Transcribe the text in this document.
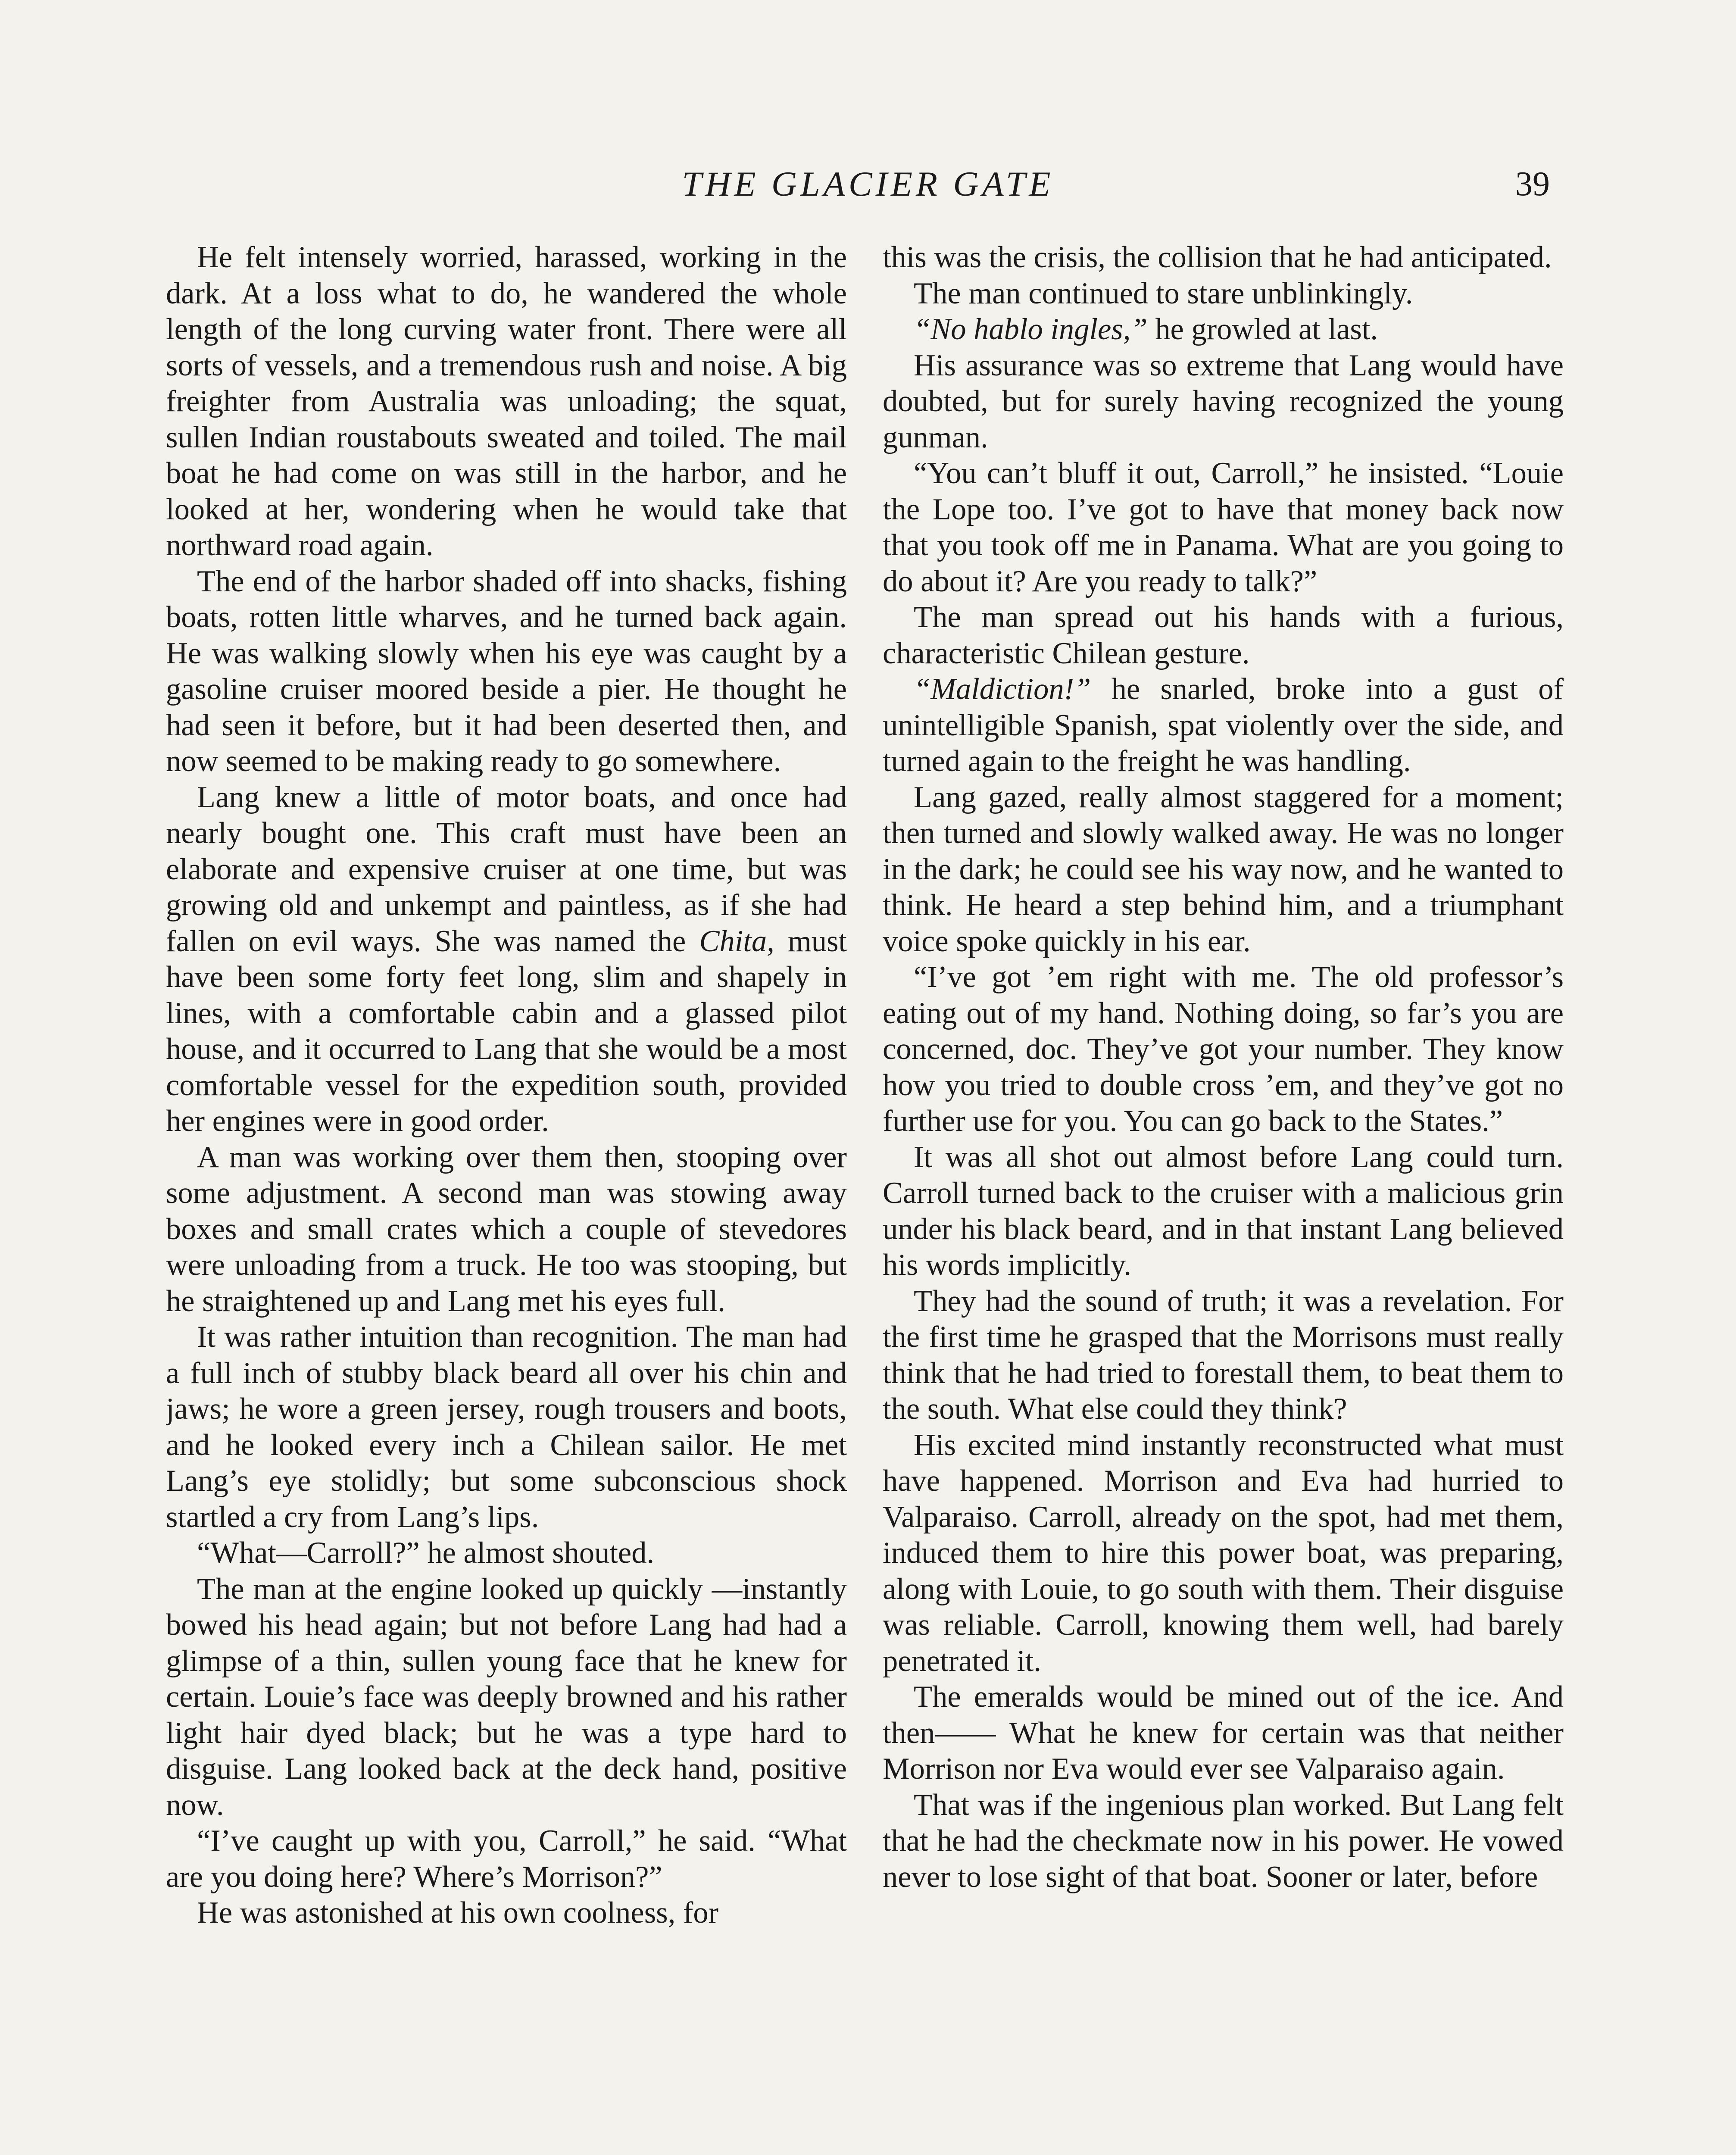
THE GLACIER GATE	39

He felt intensely worried, harassed, working in the dark. At a loss what to do, he wandered the whole length of the long curving water front. There were all sorts of vessels, and a tremendous rush and noise. A big freighter from Australia was unloading; the squat, sullen Indian roustabouts sweated and toiled. The mail boat he had come on was still in the harbor, and he looked at her, wondering when he would take that northward road again.

The end of the harbor shaded off into shacks, fishing boats, rotten little wharves, and he turned back again. He was walking slowly when his eye was caught by a gasoline cruiser moored beside a pier. He thought he had seen it before, but it had been deserted then, and now seemed to be making ready to go somewhere.

Lang knew a little of motor boats, and once had nearly bought one. This craft must have been an elaborate and expensive cruiser at one time, but was growing old and unkempt and paintless, as if she had fallen on evil ways. She was named the Chita, must have been some forty feet long, slim and shapely in lines, with a comfortable cabin and a glassed pilot house, and it occurred to Lang that she would be a most comfortable vessel for the expedition south, provided her engines were in good order.

A man was working over them then, stooping over some adjustment. A second man was stowing away boxes and small crates which a couple of stevedores were unloading from a truck. He too was stooping, but he straightened up and Lang met his eyes full.

It was rather intuition than recognition. The man had a full inch of stubby black beard all over his chin and jaws; he wore a green jersey, rough trousers and boots, and he looked every inch a Chilean sailor. He met Lang’s eye stolidly; but some subconscious shock startled a cry from Lang’s lips.

“What—Carroll?” he almost shouted.

The man at the engine looked up quickly —instantly bowed his head again; but not before Lang had had a glimpse of a thin, sullen young face that he knew for certain. Louie’s face was deeply browned and his rather light hair dyed black; but he was a type hard to disguise. Lang looked back at the deck hand, positive now.

“I’ve caught up with you, Carroll,” he said. “What are you doing here? Where’s Morrison?”

He was astonished at his own coolness, for

this was the crisis, the collision that he had anticipated.

The man continued to stare unblinkingly.

“No hablo ingles,” he growled at last.

His assurance was so extreme that Lang would have doubted, but for surely having recognized the young gunman.

“You can’t bluff it out, Carroll,” he insisted. “Louie the Lope too. I’ve got to have that money back now that you took off me in Panama. What are you going to do about it? Are you ready to talk?”

The man spread out his hands with a furious, characteristic Chilean gesture.

“Maldiction!” he snarled, broke into a gust of unintelligible Spanish, spat violently over the side, and turned again to the freight he was handling.

Lang gazed, really almost staggered for a moment; then turned and slowly walked away. He was no longer in the dark; he could see his way now, and he wanted to think. He heard a step behind him, and a triumphant voice spoke quickly in his ear.

“I’ve got ’em right with me. The old professor’s eating out of my hand. Nothing doing, so far’s you are concerned, doc. They’ve got your number. They know how you tried to double cross ’em, and they’ve got no further use for you. You can go back to the States.”

It was all shot out almost before Lang could turn. Carroll turned back to the cruiser with a malicious grin under his black beard, and in that instant Lang believed his words implicitly.

They had the sound of truth; it was a revelation. For the first time he grasped that the Morrisons must really think that he had tried to forestall them, to beat them to the south. What else could they think?

His excited mind instantly reconstructed what must have happened. Morrison and Eva had hurried to Valparaiso. Carroll, already on the spot, had met them, induced them to hire this power boat, was preparing, along with Louie, to go south with them. Their disguise was reliable. Carroll, knowing them well, had barely penetrated it.

The emeralds would be mined out of the ice. And then—— What he knew for certain was that neither Morrison nor Eva would ever see Valparaiso again.

That was if the ingenious plan worked. But Lang felt that he had the checkmate now in his power. He vowed never to lose sight of that boat. Sooner or later, before
